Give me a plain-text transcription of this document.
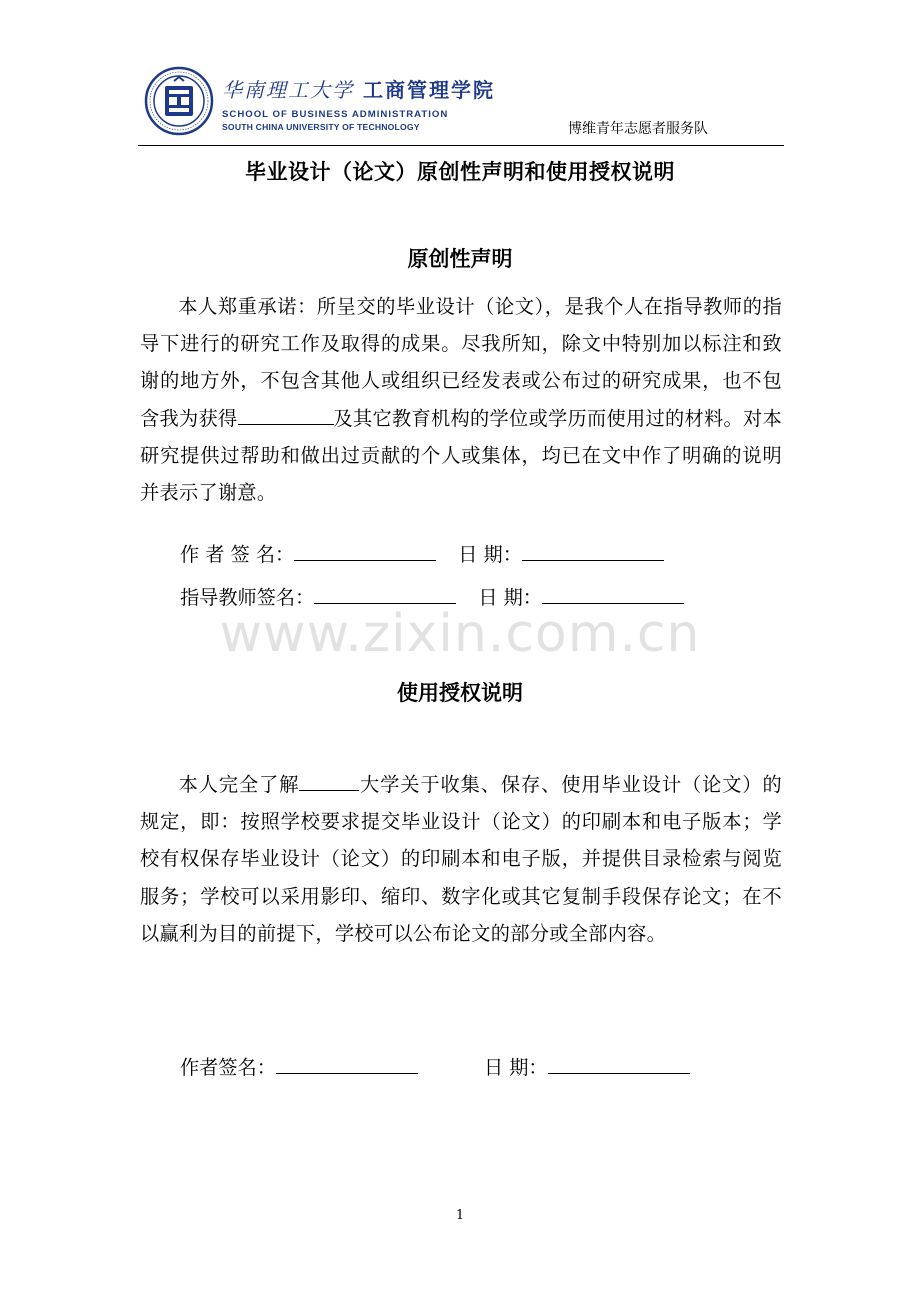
华南理工大学 工商管理学院
SCHOOL OF BUSINESS ADMINISTRATION
SOUTH CHINA UNIVERSITY OF TECHNOLOGY	博维青年志愿者服务队
毕业设计（论文）原创性声明和使用授权说明
原创性声明
本人郑重承诺：所呈交的毕业设计（论文），是我个人在指导教师的指导下进行的研究工作及取得的成果。尽我所知，除文中特别加以标注和致谢的地方外，不包含其他人或组织已经发表或公布过的研究成果，也不包含我为获得	及其它教育机构的学位或学历而使用过的材料。对本研究提供过帮助和做出过贡献的个人或集体，均已在文中作了明确的说明并表示了谢意。
作 者 签 名：	日 期：
指导教师签名：	日 期：
www.zixin.com.cn
使用授权说明
本人完全了解	大学关于收集、保存、使用毕业设计（论文）的规定，即：按照学校要求提交毕业设计（论文）的印刷本和电子版本；学校有权保存毕业设计（论文）的印刷本和电子版，并提供目录检索与阅览服务；学校可以采用影印、缩印、数字化或其它复制手段保存论文；在不以赢利为目的前提下，学校可以公布论文的部分或全部内容。
作者签名：	日 期：
1
